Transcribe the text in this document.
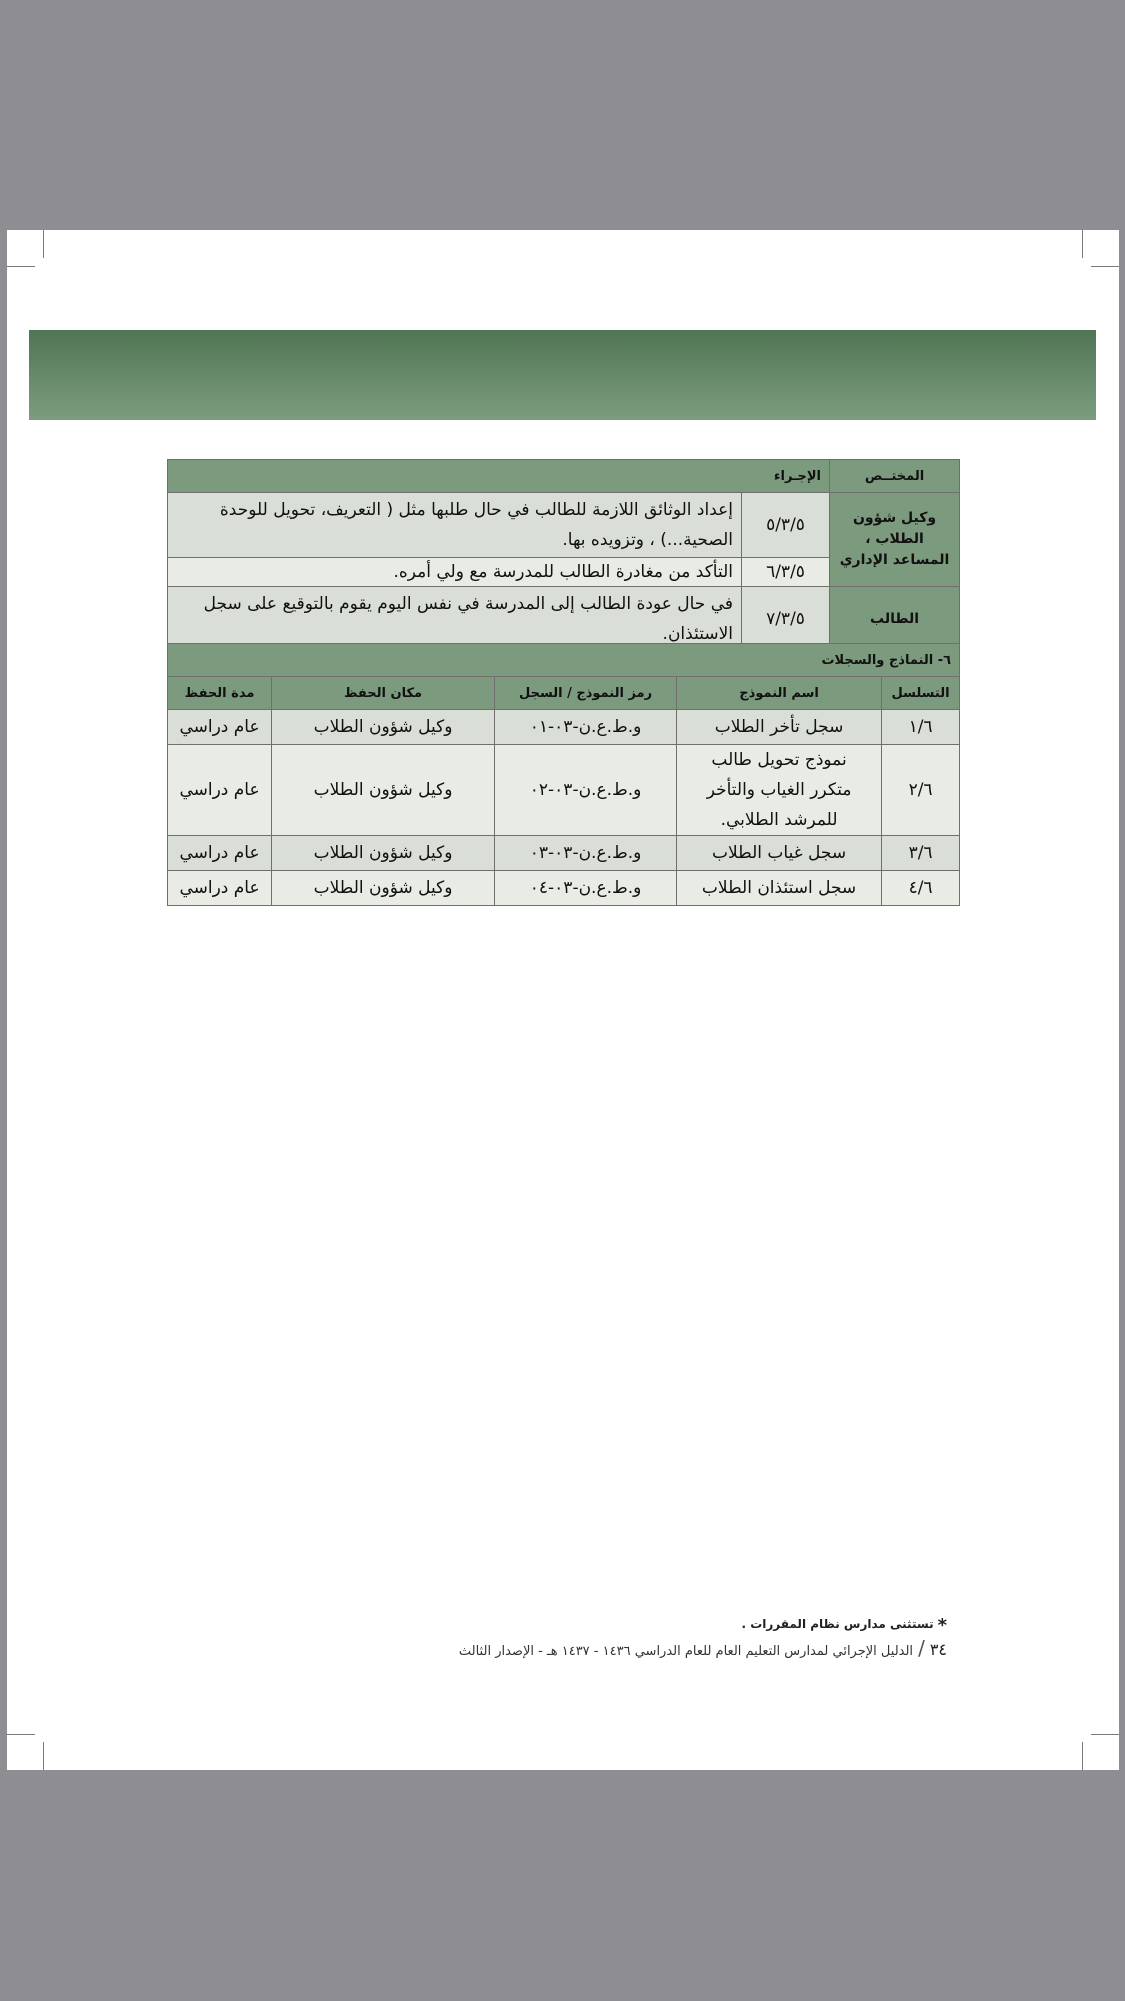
المختــص	الإجـراء	
وكيل شؤون الطلاب ، المساعد الإداري	٥/٣/٥	إعداد الوثائق اللازمة للطالب في حال طلبها مثل ( التعريف، تحويل للوحدة الصحية...) ، وتزويده بها.
	٦/٣/٥	التأكد من مغادرة الطالب للمدرسة مع ولي أمره.
الطالب	٧/٣/٥	في حال عودة الطالب إلى المدرسة في نفس اليوم يقوم بالتوقيع على سجل الاستئذان.
٦- النماذج والسجلات				
التسلسل	اسم النموذج	رمز النموذج / السجل	مكان الحفظ	مدة الحفظ
١/٦	سجل تأخر الطلاب	و.ط.ع.ن-٠٣-٠١	وكيل شؤون الطلاب	عام دراسي
٢/٦	نموذج تحويل طالب متكرر الغياب والتأخر للمرشد الطلابي.	و.ط.ع.ن-٠٣-٠٢	وكيل شؤون الطلاب	عام دراسي
٣/٦	سجل غياب الطلاب	و.ط.ع.ن-٠٣-٠٣	وكيل شؤون الطلاب	عام دراسي
٤/٦	سجل استئذان الطلاب	و.ط.ع.ن-٠٣-٠٤	وكيل شؤون الطلاب	عام دراسي
*تستثنى مدارس نظام المقررات .
٣٤/الدليل الإجرائي لمدارس التعليم العام للعام الدراسي ١٤٣٦ - ١٤٣٧ هـ - الإصدار الثالث
